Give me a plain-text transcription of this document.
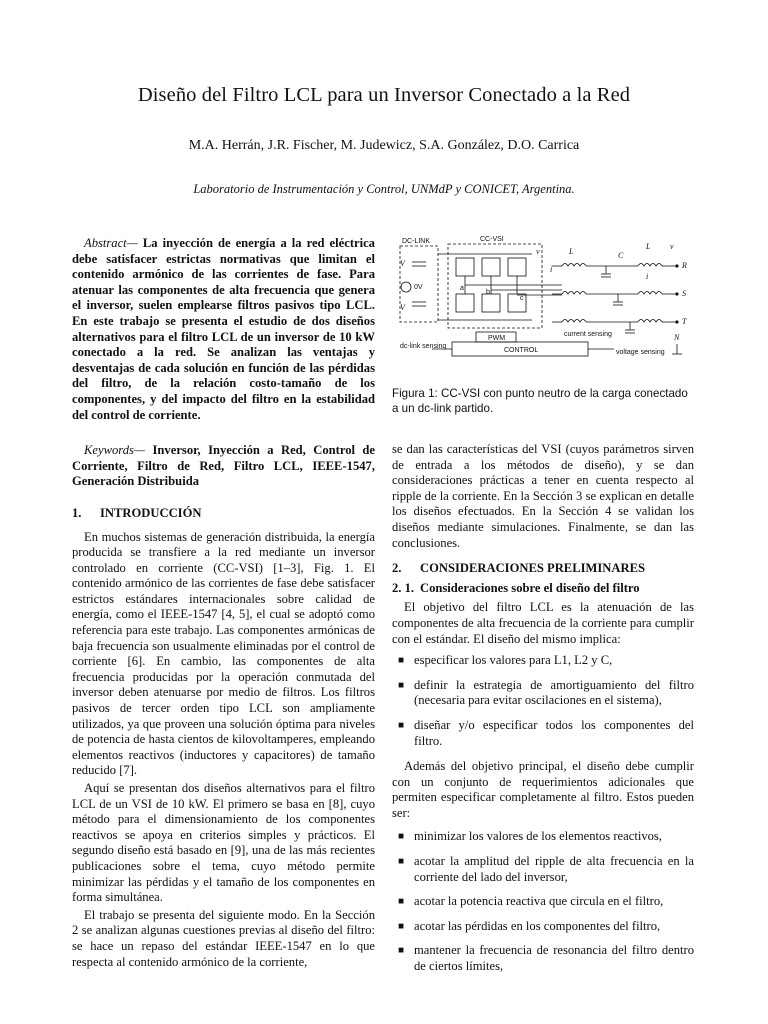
Diseño del Filtro LCL para un Inversor Conectado a la Red
M.A. Herrán, J.R. Fischer, M. Judewicz, S.A. González, D.O. Carrica
Laboratorio de Instrumentación y Control, UNMdP y CONICET, Argentina.
Abstract— La inyección de energía a la red eléctrica debe satisfacer estrictas normativas que limitan el contenido armónico de las corrientes de fase. Para atenuar las componentes de alta frecuencia que genera el inversor, suelen emplearse filtros pasivos tipo LCL. En este trabajo se presenta el estudio de dos diseños alternativos para el filtro LCL de un inversor de 10 kW conectado a la red. Se analizan las ventajas y desventajas de cada solución en función de las pérdidas del filtro, de la relación costo-tamaño de los componentes, y del impacto del filtro en la estabilidad del control de corriente.
Keywords— Inversor, Inyección a Red, Control de Corriente, Filtro de Red, Filtro LCL, IEEE-1547, Generación Distribuida
1. INTRODUCCIÓN

En muchos sistemas de generación distribuida, la energía producida se transfiere a la red mediante un inversor controlado en corriente (CC-VSI) [1–3], Fig. 1. El contenido armónico de las corrientes de fase debe satisfacer estrictos estándares internacionales sobre calidad de energía, como el IEEE-1547 [4, 5], el cual se adoptó como referencia para este trabajo. Las componentes armónicas de baja frecuencia son usualmente eliminadas por el control de corriente [6]. En cambio, las componentes de alta frecuencia producidas por la operación conmutada del inversor deben atenuarse por medio de filtros. Los filtros pasivos de tercer orden tipo LCL son ampliamente utilizados, ya que proveen una solución óptima para niveles de potencia de hasta cientos de kilovoltamperes, empleando elementos reactivos (inductores y capacitores) de tamaño reducido [7].

Aquí se presentan dos diseños alternativos para el filtro LCL de un VSI de 10 kW. El primero se basa en [8], cuyo método para el dimensionamiento de los componentes reactivos se apoya en criterios simples y prácticos. El segundo diseño está basado en [9], una de las más recientes publicaciones sobre el tema, cuyo método permite minimizar las pérdidas y el tamaño de los componentes en forma simultánea.

El trabajo se presenta del siguiente modo. En la Sección 2 se analizan algunas cuestiones previas al diseño del filtro: se hace un repaso del estándar IEEE-1547 en lo que respecta al contenido armónico de la corriente,

DC-LINK	CC-VSI
V
V
0V	a
b
c
v
i
L	C
L v
i
R
S
T
N
dc-link sensing
PWM
CONTROL
current sensing
voltage sensing
Figura 1: CC-VSI con punto neutro de la carga conectado a un dc-link partido.

se dan las características del VSI (cuyos parámetros sirven de entrada a los métodos de diseño), y se dan consideraciones prácticas a tener en cuenta respecto al ripple de la corriente. En la Sección 3 se explican en detalle los diseños efectuados. En la Sección 4 se validan los diseños mediante simulaciones. Finalmente, se dan las conclusiones.

2. CONSIDERACIONES PRELIMINARES
2. 1. Consideraciones sobre el diseño del filtro

El objetivo del filtro LCL es la atenuación de las componentes de alta frecuencia de la corriente para cumplir con el estándar. El diseño del mismo implica:

■ especificar los valores para L1, L2 y C,
■ definir la estrategia de amortiguamiento del filtro (necesaria para evitar oscilaciones en el sistema),
■ diseñar y/o especificar todos los componentes del filtro.

Además del objetivo principal, el diseño debe cumplir con un conjunto de requerimientos adicionales que permiten especificar completamente al filtro. Estos pueden ser:

■ minimizar los valores de los elementos reactivos,
■ acotar la amplitud del ripple de alta frecuencia en la corriente del lado del inversor,
■ acotar la potencia reactiva que circula en el filtro,
■ acotar las pérdidas en los componentes del filtro,
■ mantener la frecuencia de resonancia del filtro dentro de ciertos límites,
